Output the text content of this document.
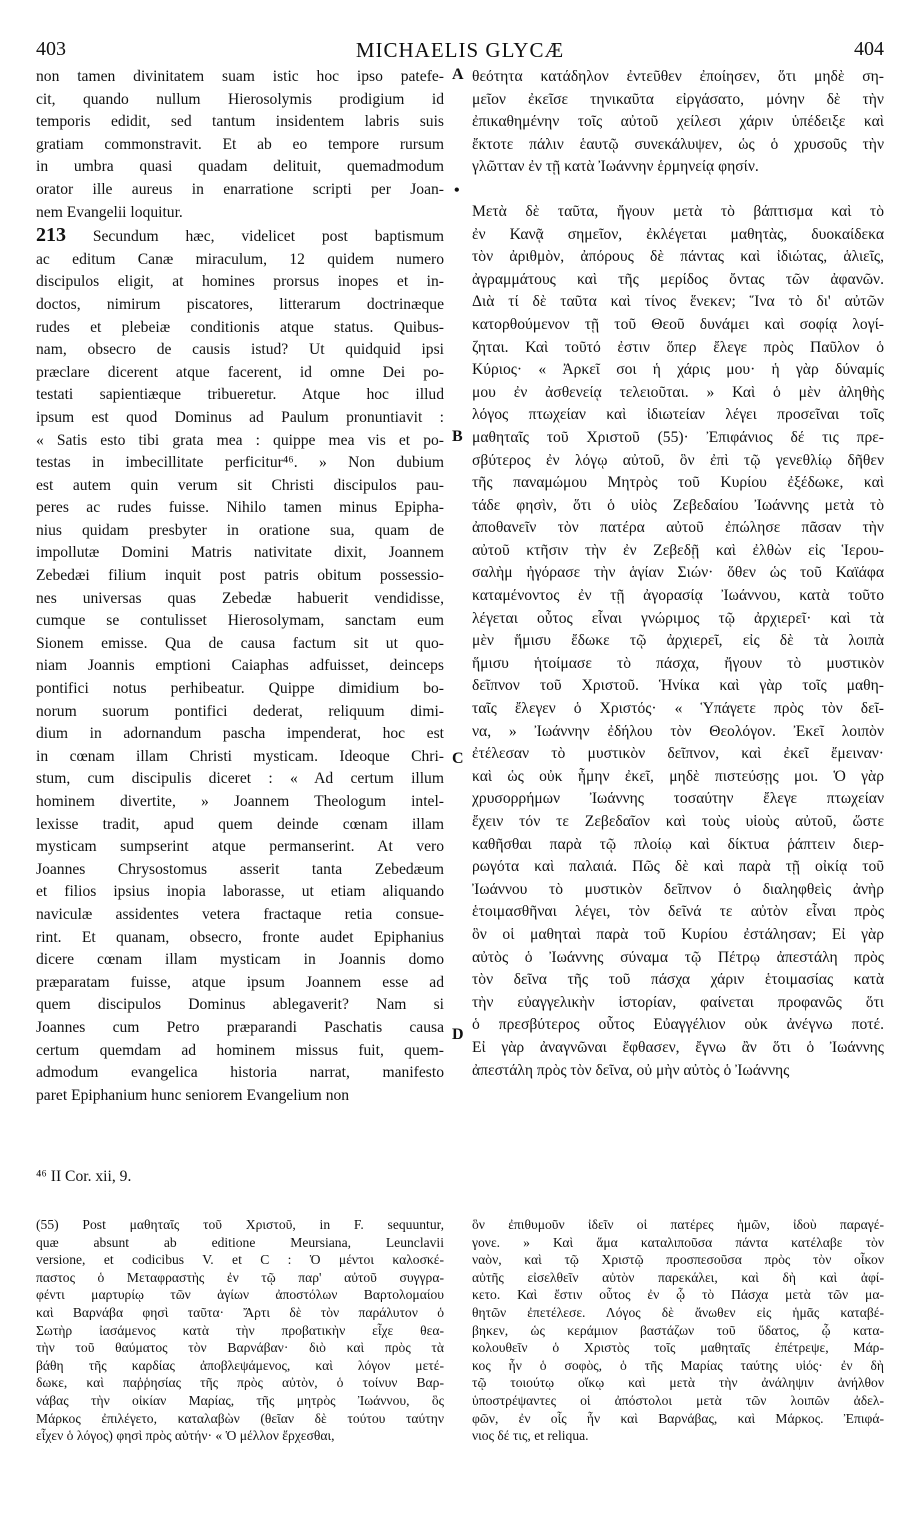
403	MICHAELIS GLYCÆ	404

non tamen divinitatem suam istic hoc ipso patefe-
cit, quando nullum Hierosolymis prodigium id
temporis edidit, sed tantum insidentem labris suis
gratiam commonstravit. Et ab eo tempore rursum
in umbra quasi quadam delituit, quemadmodum
orator ille aureus in enarratione scripti per Joan-
nem Evangelii loquitur.

213 Secundum hæc, videlicet post baptismum
ac editum Canæ miraculum, 12 quidem numero
discipulos eligit, at homines prorsus inopes et in-
doctos, nimirum piscatores, litterarum doctrinæque
rudes et plebeiæ conditionis atque status. Quibus-
nam, obsecro de causis istud? Ut quidquid ipsi
præclare dicerent atque facerent, id omne Dei po-
testati sapientiæque tribueretur. Atque hoc illud
ipsum est quod Dominus ad Paulum pronuntiavit :
« Satis esto tibi grata mea : quippe mea vis et po-
testas in imbecillitate perficitur⁴⁶. » Non dubium
est autem quin verum sit Christi discipulos pau-
peres ac rudes fuisse. Nihilo tamen minus Epipha-
nius quidam presbyter in oratione sua, quam de
impollutæ Domini Matris nativitate dixit, Joannem
Zebedæi filium inquit post patris obitum possessio-
nes universas quas Zebedæ habuerit vendidisse,
cumque se contulisset Hierosolymam, sanctam eum
Sionem emisse. Qua de causa factum sit ut quo-
niam Joannis emptioni Caiaphas adfuisset, deinceps
pontifici notus perhibeatur. Quippe dimidium bo-
norum suorum pontifici dederat, reliquum dimi-
dium in adornandum pascha impenderat, hoc est
in cœnam illam Christi mysticam. Ideoque Chri-
stum, cum discipulis diceret : « Ad certum illum
hominem divertite, » Joannem Theologum intel-
lexisse tradit, apud quem deinde cœnam illam
mysticam sumpserint atque permanserint. At vero
Joannes Chrysostomus asserit tanta Zebedæum
et filios ipsius inopia laborasse, ut etiam aliquando
naviculæ assidentes vetera fractaque retia consue-
rint. Et quanam, obsecro, fronte audet Epiphanius
dicere cœnam illam mysticam in Joannis domo
præparatam fuisse, atque ipsum Joannem esse ad
quem discipulos Dominus ablegaverit? Nam si
Joannes cum Petro præparandi Paschatis causa
certum quemdam ad hominem missus fuit, quem-
admodum evangelica historia narrat, manifesto
paret Epiphanium hunc seniorem Evangelium non

θεότητα κατάδηλον ἐντεῦθεν ἐποίησεν, ὅτι μηδὲ ση-
μεῖον ἐκεῖσε τηνικαῦτα εἰργάσατο, μόνην δὲ τὴν
ἐπικαθημένην τοῖς αὐτοῦ χείλεσι χάριν ὑπέδειξε καὶ
ἔκτοτε πάλιν ἑαυτῷ συνεκάλυψεν, ὡς ὁ χρυσοῦς τὴν
γλῶτταν ἐν τῇ κατὰ Ἰωάννην ἑρμηνείᾳ φησίν.

Μετὰ δὲ ταῦτα, ἤγουν μετὰ τὸ βάπτισμα καὶ τὸ
ἐν Κανᾷ σημεῖον, ἐκλέγεται μαθητὰς, δυοκαίδεκα
τὸν ἀριθμὸν, ἀπόρους δὲ πάντας καὶ ἰδιώτας, ἁλιεῖς,
ἀγραμμάτους καὶ τῆς μερίδος ὄντας τῶν ἀφανῶν.
Διὰ τί δὲ ταῦτα καὶ τίνος ἕνεκεν; Ἵνα τὸ δι' αὐτῶν
κατορθούμενον τῇ τοῦ Θεοῦ δυνάμει καὶ σοφίᾳ λογί-
ζηται. Καὶ τοῦτό ἐστιν ὅπερ ἔλεγε πρὸς Παῦλον ὁ
Κύριος· « Ἀρκεῖ σοι ἡ χάρις μου· ἡ γὰρ δύναμίς
μου ἐν ἀσθενείᾳ τελειοῦται. » Καὶ ὁ μὲν ἀληθὴς
λόγος πτωχείαν καὶ ἰδιωτείαν λέγει προσεῖναι τοῖς
μαθηταῖς τοῦ Χριστοῦ (55)· Ἐπιφάνιος δέ τις πρε-
σβύτερος ἐν λόγῳ αὐτοῦ, ὃν ἐπὶ τῷ γενεθλίῳ δῆθεν
τῆς παναμώμου Μητρὸς τοῦ Κυρίου ἐξέδωκε, καὶ
τάδε φησὶν, ὅτι ὁ υἱὸς Ζεβεδαίου Ἰωάννης μετὰ τὸ
ἀποθανεῖν τὸν πατέρα αὐτοῦ ἐπώλησε πᾶσαν τὴν
αὐτοῦ κτῆσιν τὴν ἐν Ζεβεδῇ καὶ ἐλθὼν εἰς Ἱερου-
σαλὴμ ἠγόρασε τὴν ἁγίαν Σιών· ὅθεν ὡς τοῦ Καϊάφα
καταμένοντος ἐν τῇ ἀγορασίᾳ Ἰωάννου, κατὰ τοῦτο
λέγεται οὗτος εἶναι γνώριμος τῷ ἀρχιερεῖ· καὶ τὰ
μὲν ἥμισυ ἔδωκε τῷ ἀρχιερεῖ, εἰς δὲ τὰ λοιπὰ
ἥμισυ ἡτοίμασε τὸ πάσχα, ἤγουν τὸ μυστικὸν
δεῖπνον τοῦ Χριστοῦ. Ἡνίκα καὶ γὰρ τοῖς μαθη-
ταῖς ἔλεγεν ὁ Χριστός· « Ὑπάγετε πρὸς τὸν δεῖ-
να, » Ἰωάννην ἐδήλου τὸν Θεολόγον. Ἐκεῖ λοιπὸν
ἐτέλεσαν τὸ μυστικὸν δεῖπνον, καὶ ἐκεῖ ἔμειναν·
καὶ ὡς οὐκ ἦμην ἐκεῖ, μηδὲ πιστεύσῃς μοι. Ὁ γὰρ
χρυσορρήμων Ἰωάννης τοσαύτην ἔλεγε πτωχείαν
ἔχειν τόν τε Ζεβεδαῖον καὶ τοὺς υἱοὺς αὐτοῦ, ὥστε
καθῆσθαι παρὰ τῷ πλοίῳ καὶ δίκτυα ῥάπτειν διερ-
ρωγότα καὶ παλαιά. Πῶς δὲ καὶ παρὰ τῇ οἰκίᾳ τοῦ
Ἰωάννου τὸ μυστικὸν δεῖπνον ὁ διαληφθεὶς ἀνὴρ
ἑτοιμασθῆναι λέγει, τὸν δεῖνά τε αὐτὸν εἶναι πρὸς
ὃν οἱ μαθηταὶ παρὰ τοῦ Κυρίου ἐστάλησαν; Εἰ γὰρ
αὐτὸς ὁ Ἰωάννης σύναμα τῷ Πέτρῳ ἀπεστάλη πρὸς
τὸν δεῖνα τῆς τοῦ πάσχα χάριν ἑτοιμασίας κατὰ
τὴν εὐαγγελικὴν ἱστορίαν, φαίνεται προφανῶς ὅτι
ὁ πρεσβύτερος οὗτος Εὐαγγέλιον οὐκ ἀνέγνω ποτέ.
Εἰ γὰρ ἀναγνῶναι ἔφθασεν, ἔγνω ἂν ὅτι ὁ Ἰωάννης
ἀπεστάλη πρὸς τὸν δεῖνα, οὐ μὴν αὐτὸς ὁ Ἰωάννης

A
•
B
C
D
⁴⁶ II Cor. xii, 9.
(55) Post μαθηταῖς τοῦ Χριστοῦ, in F. sequuntur,
quæ absunt ab editione Meursiana, Leunclavii
versione, et codicibus V. et C : Ὁ μέντοι καλοσκέ-
παστος ὁ Μεταφραστὴς ἐν τῷ παρ' αὐτοῦ συγγρα-
φέντι μαρτυρίῳ τῶν ἁγίων ἀποστόλων Βαρτολομαίου
καὶ Βαρνάβα φησὶ ταῦτα· Ἄρτι δὲ τὸν παράλυτον ὁ
Σωτὴρ ἰασάμενος κατὰ τὴν προβατικὴν εἶχε θεα-
τὴν τοῦ θαύματος τὸν Βαρνάβαν· διὸ καὶ πρὸς τὰ
βάθη τῆς καρδίας ἀποβλεψάμενος, καὶ λόγον μετέ-
δωκε, καὶ παῤῥησίας τῆς πρὸς αὐτὸν, ὁ τοίνυν Βαρ-
νάβας τὴν οἰκίαν Μαρίας, τῆς μητρὸς Ἰωάννου, ὃς
Μάρκος ἐπιλέγετο, καταλαβὼν (θεῖαν δὲ τούτου ταύτην
εἶχεν ὁ λόγος) φησὶ πρὸς αὐτήν· « Ὁ μέλλον ἔρχεσθαι,
ὃν ἐπιθυμοῦν ἰδεῖν οἱ πατέρες ἡμῶν, ἰδοὺ παραγέ-
γονε. » Καὶ ἅμα καταλιποῦσα πάντα κατέλαβε τὸν
ναὸν, καὶ τῷ Χριστῷ προσπεσοῦσα πρὸς τὸν οἶκον
αὐτῆς εἰσελθεῖν αὐτὸν παρεκάλει, καὶ δὴ καὶ ἀφί-
κετο. Καὶ ἔστιν οὗτος ἐν ᾧ τὸ Πάσχα μετὰ τῶν μα-
θητῶν ἐπετέλεσε. Λόγος δὲ ἄνωθεν εἰς ἡμᾶς καταβέ-
βηκεν, ὡς κεράμιον βαστάζων τοῦ ὕδατος, ᾧ κατα-
κολουθεῖν ὁ Χριστὸς τοῖς μαθηταῖς ἐπέτρεψε, Μάρ-
κος ἦν ὁ σοφὸς, ὁ τῆς Μαρίας ταύτης υἱός· ἐν δὴ
τῷ τοιούτῳ οἴκῳ καὶ μετὰ τὴν ἀνάληψιν ἀνήλθον
ὑποστρέψαντες οἱ ἀπόστολοι μετὰ τῶν λοιπῶν ἀδελ-
φῶν, ἐν οἷς ἦν καὶ Βαρνάβας, καὶ Μάρκος. Ἐπιφά-
νιος δέ τις, et reliqua.
